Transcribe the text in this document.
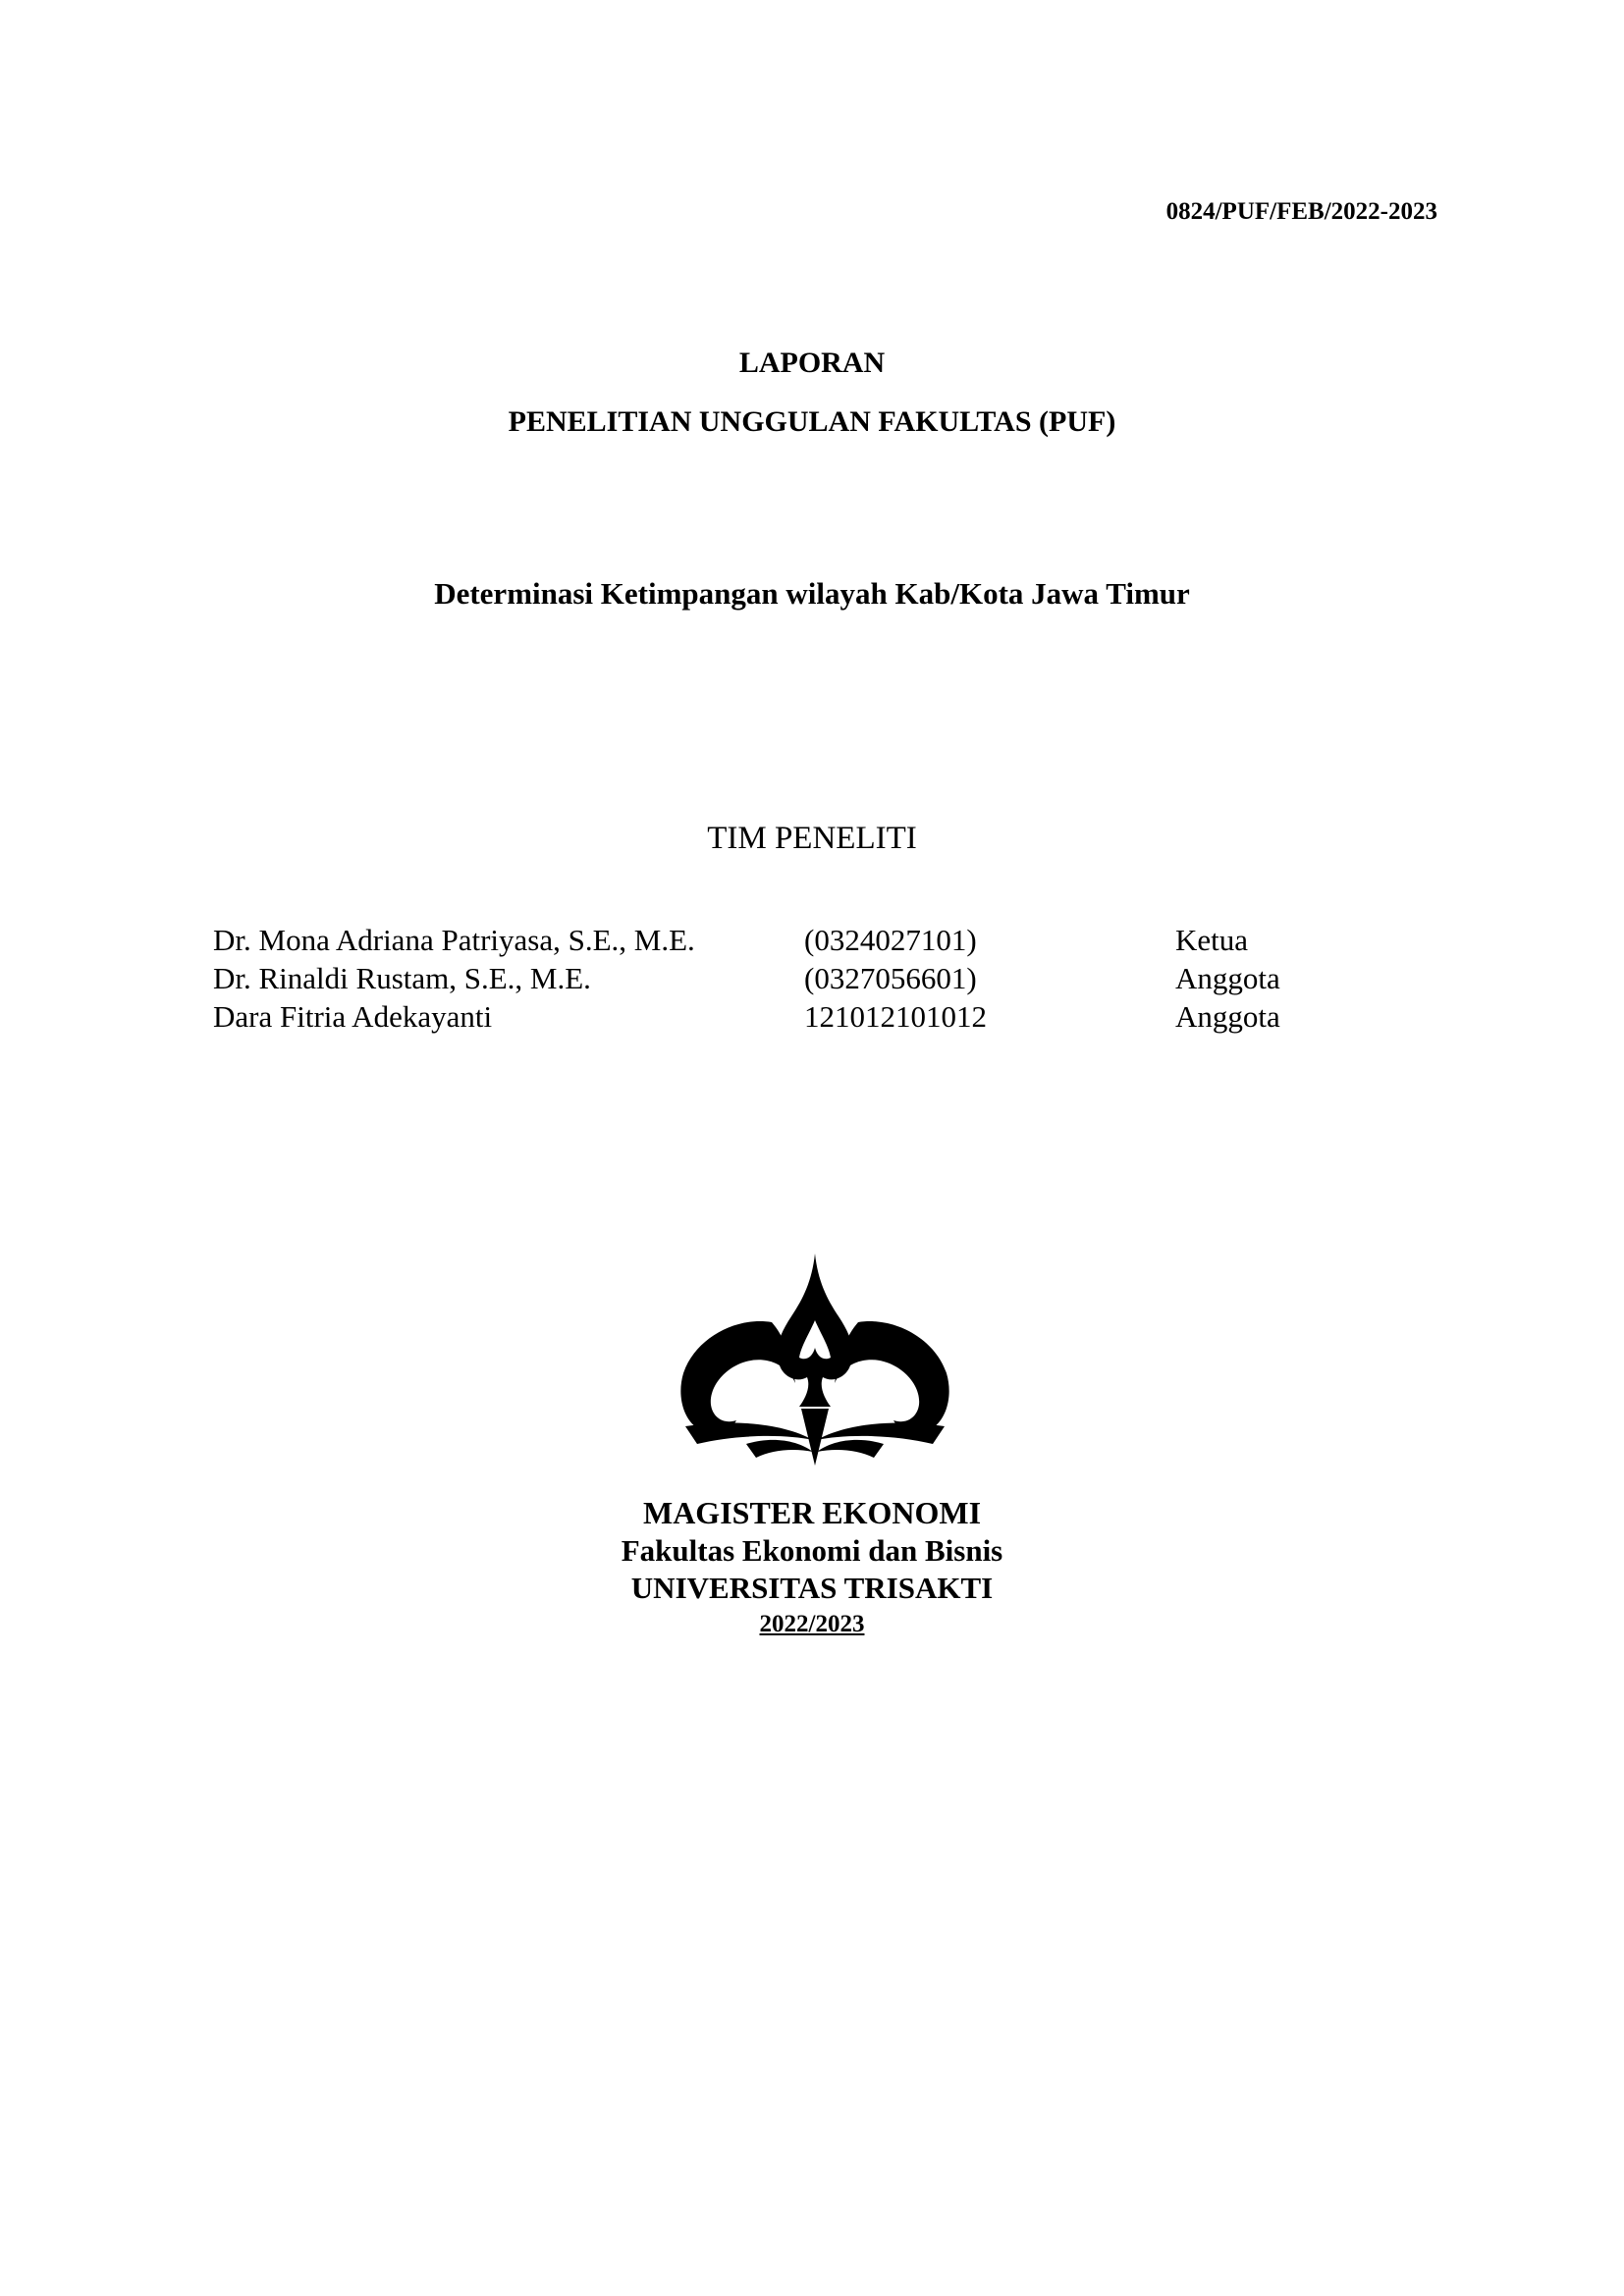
0824/PUF/FEB/2022-2023
LAPORAN
PENELITIAN UNGGULAN FAKULTAS (PUF)
Determinasi Ketimpangan wilayah Kab/Kota Jawa Timur
TIM PENELITI
Dr. Mona Adriana Patriyasa, S.E., M.E.	(0324027101)	Ketua
Dr. Rinaldi Rustam, S.E., M.E.	(0327056601)	Anggota
Dara Fitria Adekayanti	121012101012	Anggota
MAGISTER EKONOMI
Fakultas Ekonomi dan Bisnis
UNIVERSITAS TRISAKTI
2022/2023
